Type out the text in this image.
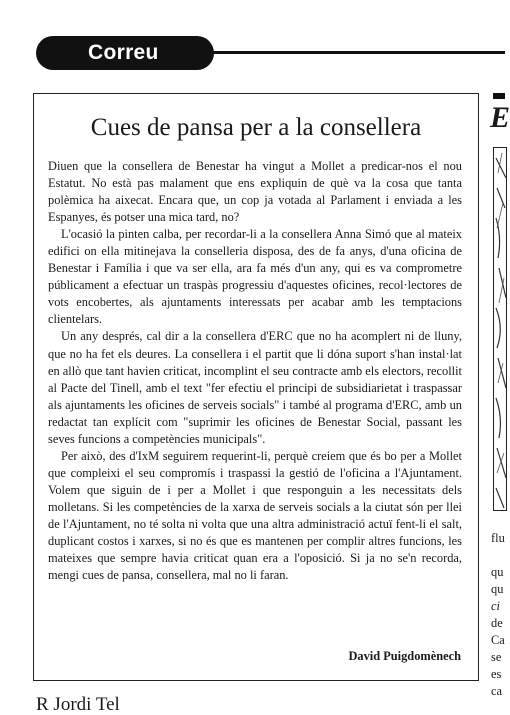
Correu
Cues de pansa per a la consellera

Diuen que la consellera de Benestar ha vingut a Mollet a predicar-nos el nou Estatut. No està pas malament que ens expliquin de què va la cosa que tanta polèmica ha aixecat. Encara que, un cop ja votada al Parlament i enviada a les Espanyes, és potser una mica tard, no?

L'ocasió la pinten calba, per recordar-li a la consellera Anna Simó que al mateix edifici on ella mitinejava la conselleria disposa, des de fa anys, d'una oficina de Benestar i Família i que va ser ella, ara fa més d'un any, qui es va comprometre públicament a efectuar un traspàs progressiu d'aquestes oficines, recol·lectores de vots encobertes, als ajuntaments interessats per acabar amb les temptacions clientelars.

Un any després, cal dir a la consellera d'ERC que no ha acomplert ni de lluny, que no ha fet els deures. La consellera i el partit que li dóna suport s'han instal·lat en allò que tant havien criticat, incomplint el seu contracte amb els electors, recollit al Pacte del Tinell, amb el text "fer efectiu el principi de subsidiarietat i traspassar als ajuntaments les oficines de serveis socials" i també al programa d'ERC, amb un redactat tan explícit com "suprimir les oficines de Benestar Social, passant les seves funcions a competències municipals".

Per això, des d'IxM seguirem requerint-li, perquè creiem que és bo per a Mollet que compleixi el seu compromís i traspassi la gestió de l'oficina a l'Ajuntament. Volem que siguin de i per a Mollet i que responguin a les necessitats dels molletans. Si les competències de la xarxa de serveis socials a la ciutat són per llei de l'Ajuntament, no té solta ni volta que una altra administració actuï fent-li el salt, duplicant costos i xarxes, si no és que es mantenen per complir altres funcions, les mateixes que sempre havia criticat quan era a l'oposició. Si ja no se'n recorda, mengi cues de pansa, consellera, mal no li faran.

David Puigdomènech
R Jordi Tel
E
flu
qu
qu
ci
de
Ca
se
es
ca
